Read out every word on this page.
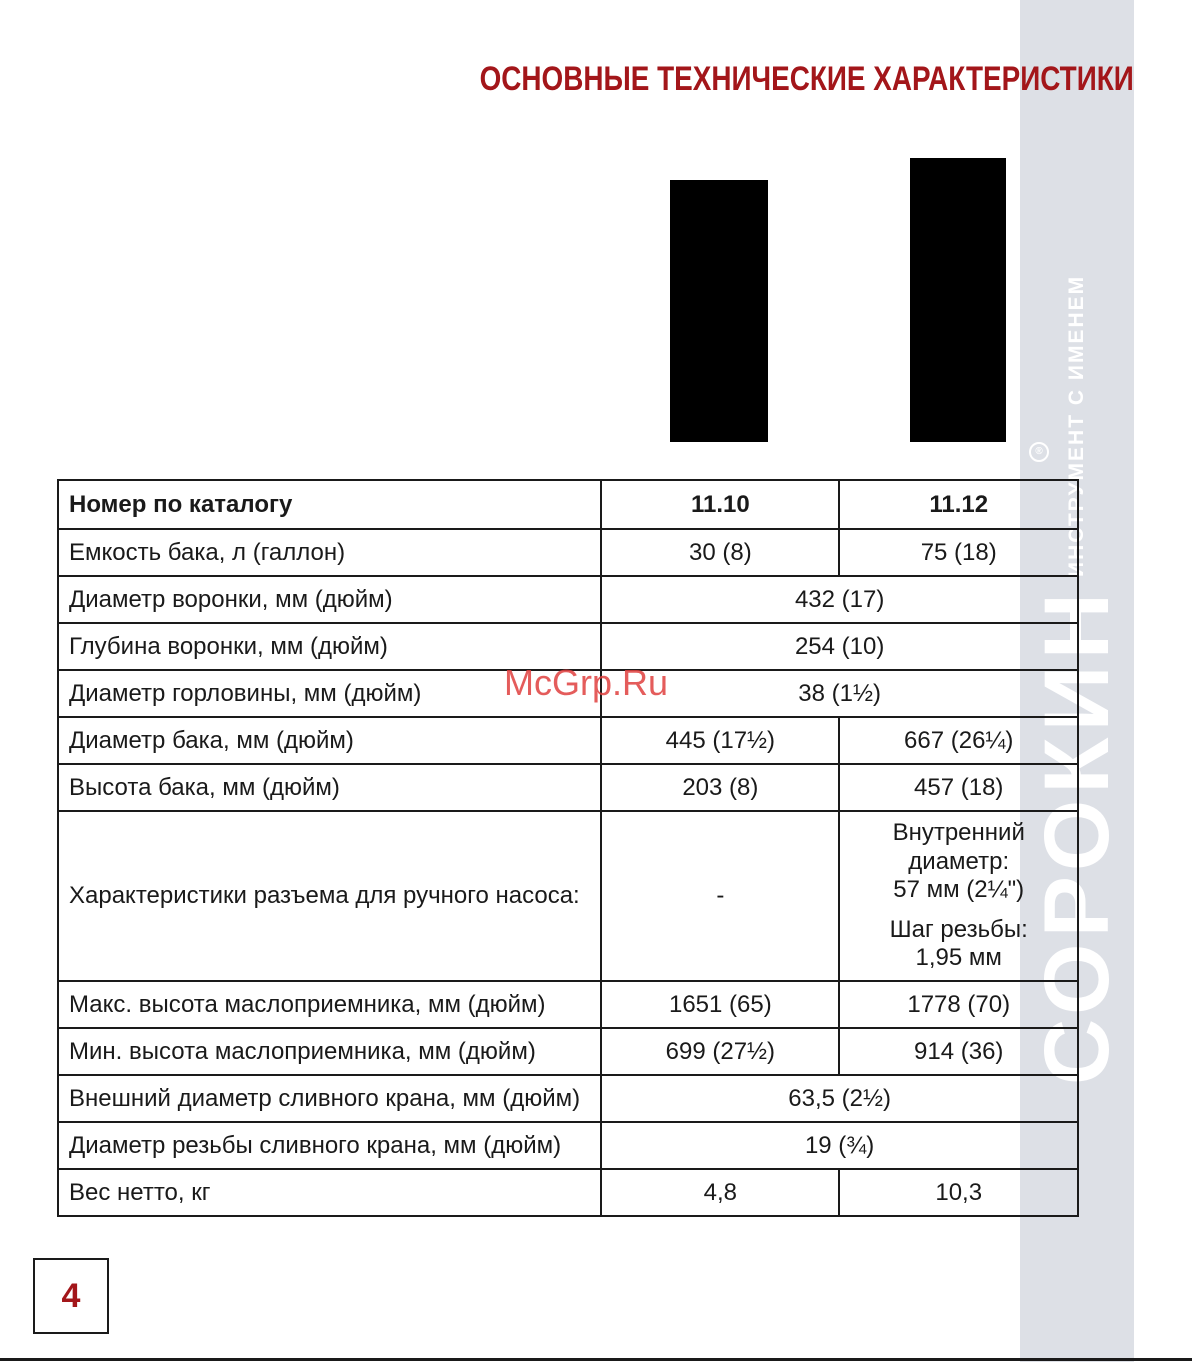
СОРОКИН
ИНСТРУМЕНТ С ИМЕНЕМ
®
ОСНОВНЫЕ ТЕХНИЧЕСКИЕ ХАРАКТЕРИСТИКИ
Номер по каталогу	11.10	11.12
Емкость бака, л (галлон)	30 (8)	75 (18)
Диаметр воронки, мм (дюйм)	432 (17)	
Глубина воронки, мм (дюйм)	254 (10)	
Диаметр горловины, мм (дюйм)	38 (1½)	
Диаметр бака, мм (дюйм)	445 (17½)	667 (26¼)
Высота бака, мм (дюйм)	203 (8)	457 (18)
Характеристики разъема для ручного насоса:	-	Внутренний
диаметр:
57 мм (2¼")
Шаг резьбы:
1,95 мм

Макс. высота маслоприемника, мм (дюйм)	1651 (65)	1778 (70)
Мин. высота маслоприемника, мм (дюйм)	699 (27½)	914 (36)
Внешний диаметр сливного крана, мм (дюйм)	63,5 (2½)	
Диаметр резьбы сливного крана, мм (дюйм)	19 (¾)	
Вес нетто, кг	4,8	10,3
McGrp.Ru
4
